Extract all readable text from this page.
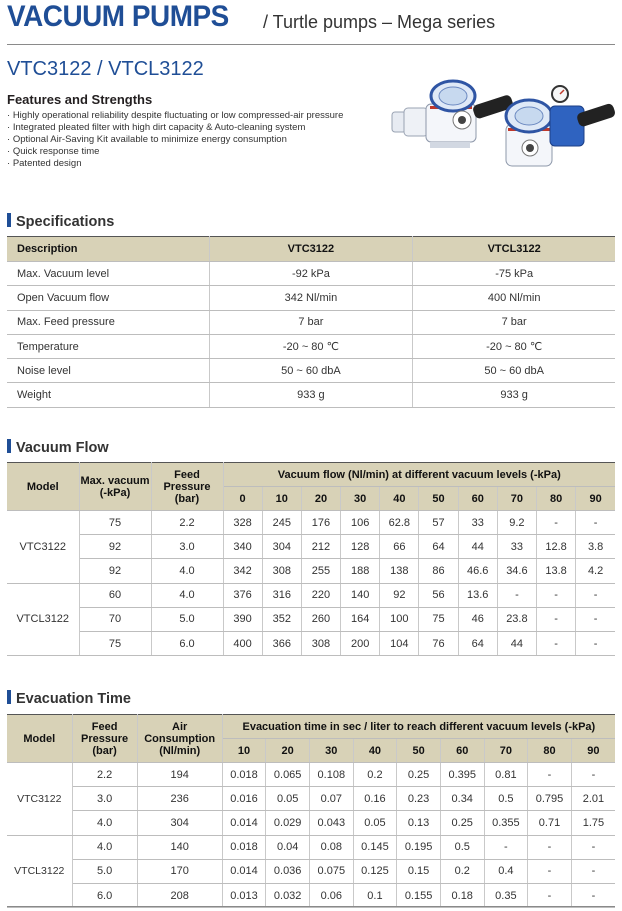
VACUUM PUMPS / Turtle pumps – Mega series
VTC3122 / VTCL3122
Features and Strengths
· Highly operational reliability despite fluctuating or low compressed-air pressure
· Integrated pleated filter with high dirt capacity & Auto-cleaning system
· Optional Air-Saving Kit available to minimize energy consumption
· Quick response time
· Patented design
Specifications
Description	VTC3122	VTCL3122
Max. Vacuum level	-92 kPa	-75 kPa
Open Vacuum flow	342 Nl/min	400 Nl/min
Max. Feed pressure	7 bar	7 bar
Temperature	-20 ~ 80 ℃	-20 ~ 80 ℃
Noise level	50 ~ 60 dbA	50 ~ 60 dbA
Weight	933 g	933 g
Vacuum Flow
Model	Max. vacuum (-kPa)	Feed Pressure (bar)	Vacuum flow (Nl/min) at different vacuum levels (-kPa)									
			0	10	20	30	40	50	60	70	80	90
VTC3122	75	2.2	328	245	176	106	62.8	57	33	9.2	-	-
	92	3.0	340	304	212	128	66	64	44	33	12.8	3.8
	92	4.0	342	308	255	188	138	86	46.6	34.6	13.8	4.2
VTCL3122	60	4.0	376	316	220	140	92	56	13.6	-	-	-
	70	5.0	390	352	260	164	100	75	46	23.8	-	-
	75	6.0	400	366	308	200	104	76	64	44	-	-
Evacuation Time
Model	Feed Pressure (bar)	Air Consumption (Nl/min)	Evacuation time in sec / liter to reach different vacuum levels (-kPa)								
			10	20	30	40	50	60	70	80	90
VTC3122	2.2	194	0.018	0.065	0.108	0.2	0.25	0.395	0.81	-	-
	3.0	236	0.016	0.05	0.07	0.16	0.23	0.34	0.5	0.795	2.01
	4.0	304	0.014	0.029	0.043	0.05	0.13	0.25	0.355	0.71	1.75
VTCL3122	4.0	140	0.018	0.04	0.08	0.145	0.195	0.5	-	-	-
	5.0	170	0.014	0.036	0.075	0.125	0.15	0.2	0.4	-	-
	6.0	208	0.013	0.032	0.06	0.1	0.155	0.18	0.35	-	-
